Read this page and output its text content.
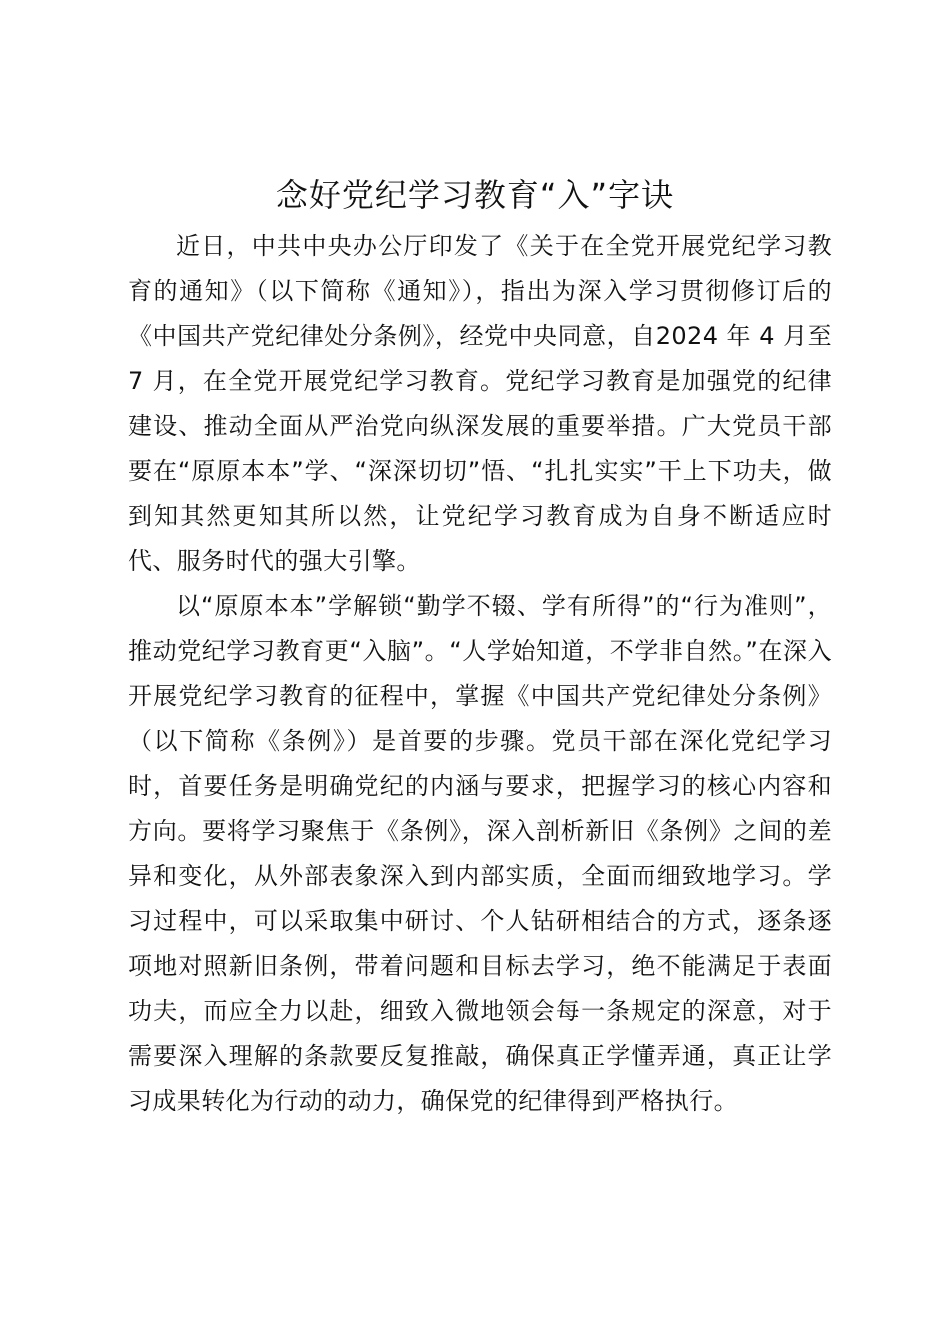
念好党纪学习教育“入”字诀

近日，中共中央办公厅印发了《关于在全党开展党纪学习教育的通知》（以下简称《通知》），指出为深入学习贯彻修订后的《中国共产党纪律处分条例》，经党中央同意，自2024 年 4 月至 7 月，在全党开展党纪学习教育。党纪学习教育是加强党的纪律建设、推动全面从严治党向纵深发展的重要举措。广大党员干部要在“原原本本”学、“深深切切”悟、“扎扎实实”干上下功夫，做到知其然更知其所以然，让党纪学习教育成为自身不断适应时代、服务时代的强大引擎。

以“原原本本”学解锁“勤学不辍、学有所得”的“行为准则”，推动党纪学习教育更“入脑”。“人学始知道，不学非自然。”在深入开展党纪学习教育的征程中，掌握《中国共产党纪律处分条例》（以下简称《条例》）是首要的步骤。党员干部在深化党纪学习时，首要任务是明确党纪的内涵与要求，把握学习的核心内容和方向。要将学习聚焦于《条例》，深入剖析新旧《条例》之间的差异和变化，从外部表象深入到内部实质，全面而细致地学习。学习过程中，可以采取集中研讨、个人钻研相结合的方式，逐条逐项地对照新旧条例，带着问题和目标去学习，绝不能满足于表面功夫，而应全力以赴，细致入微地领会每一条规定的深意，对于需要深入理解的条款要反复推敲，确保真正学懂弄通，真正让学习成果转化为行动的动力，确保党的纪律得到严格执行。
